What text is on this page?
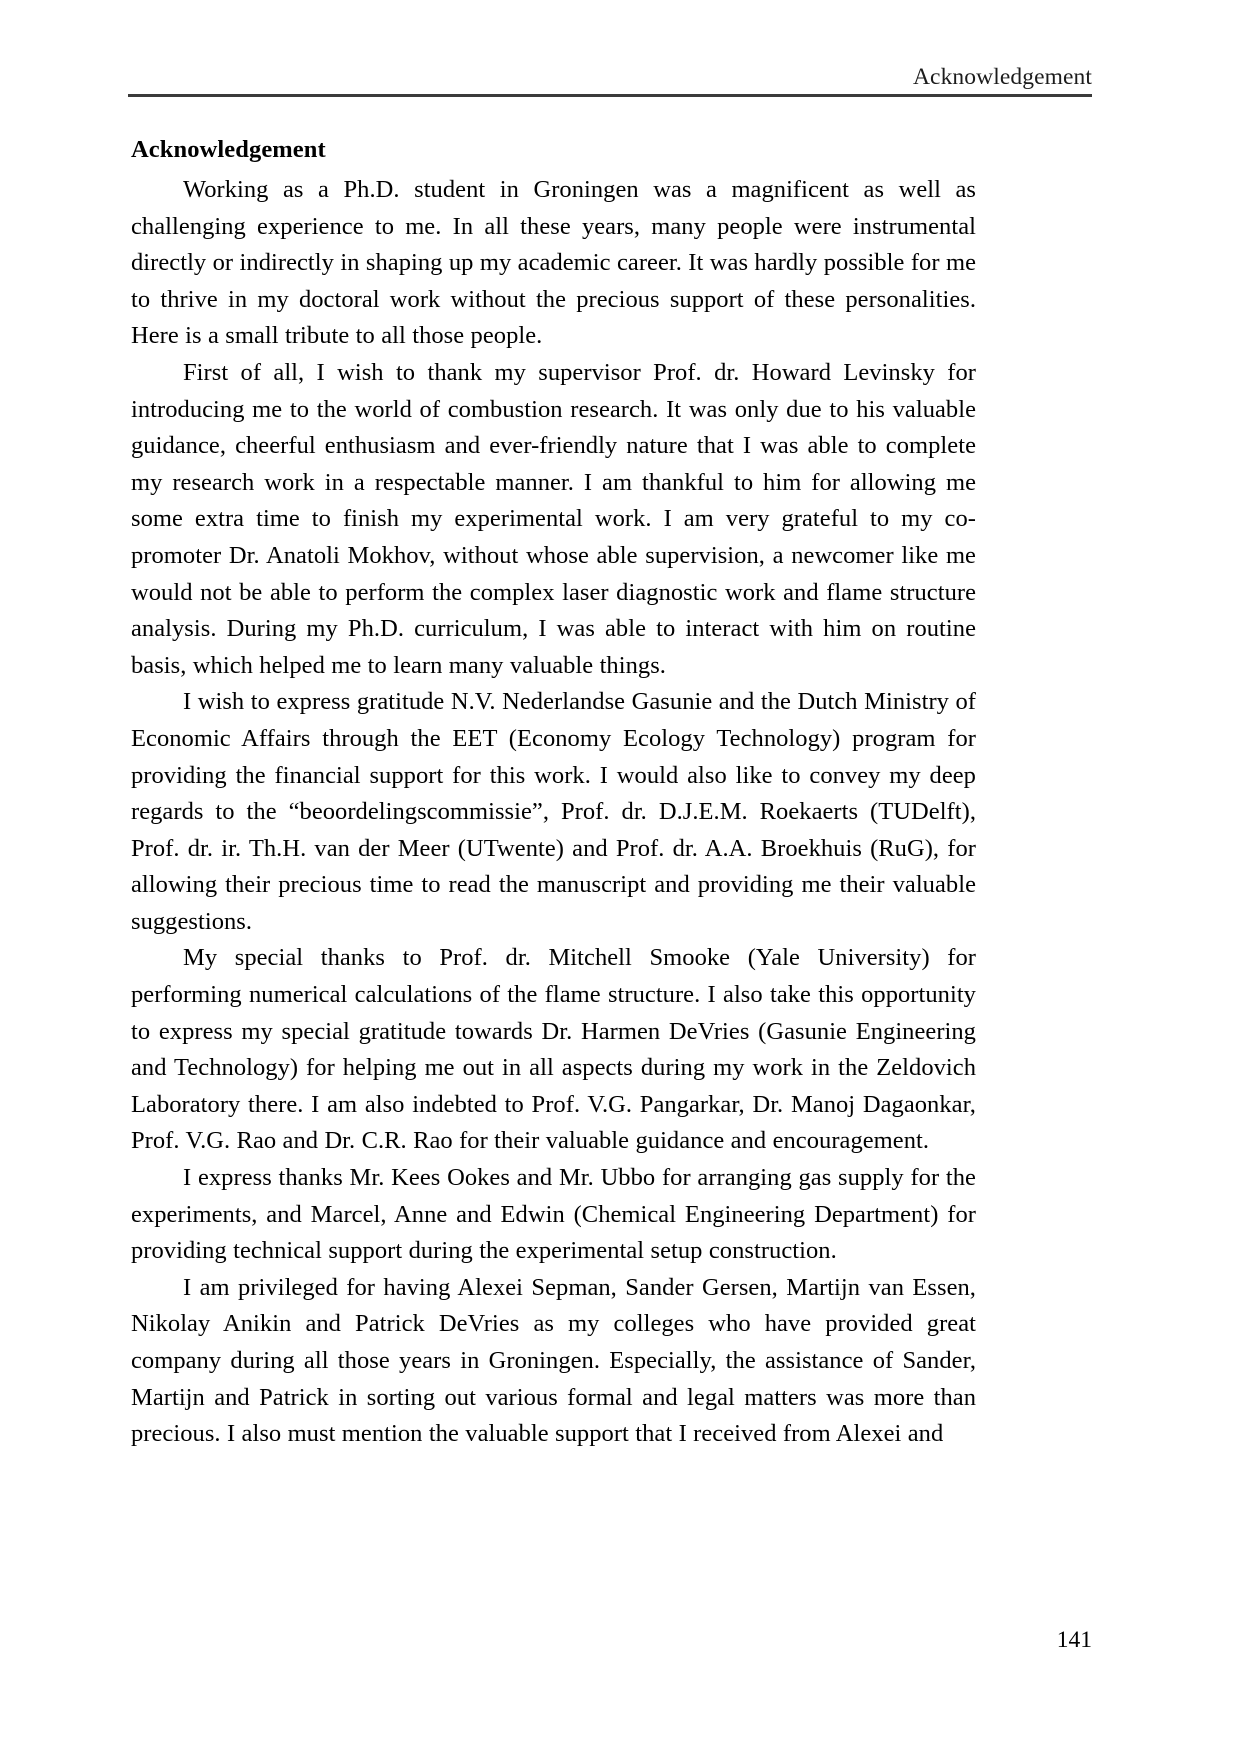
Acknowledgement
Acknowledgement

Working as a Ph.D. student in Groningen was a magnificent as well as challenging experience to me. In all these years, many people were instrumental directly or indirectly in shaping up my academic career. It was hardly possible for me to thrive in my doctoral work without the precious support of these personalities. Here is a small tribute to all those people.

First of all, I wish to thank my supervisor Prof. dr. Howard Levinsky for introducing me to the world of combustion research. It was only due to his valuable guidance, cheerful enthusiasm and ever-friendly nature that I was able to complete my research work in a respectable manner. I am thankful to him for allowing me some extra time to finish my experimental work. I am very grateful to my co-promoter Dr. Anatoli Mokhov, without whose able supervision, a newcomer like me would not be able to perform the complex laser diagnostic work and flame structure analysis. During my Ph.D. curriculum, I was able to interact with him on routine basis, which helped me to learn many valuable things.

I wish to express gratitude N.V. Nederlandse Gasunie and the Dutch Ministry of Economic Affairs through the EET (Economy Ecology Technology) program for providing the financial support for this work. I would also like to convey my deep regards to the “beoordelingscommissie”, Prof. dr. D.J.E.M. Roekaerts (TUDelft), Prof. dr. ir. Th.H. van der Meer (UTwente) and Prof. dr. A.A. Broekhuis (RuG), for allowing their precious time to read the manuscript and providing me their valuable suggestions.

My special thanks to Prof. dr. Mitchell Smooke (Yale University) for performing numerical calculations of the flame structure. I also take this opportunity to express my special gratitude towards Dr. Harmen DeVries (Gasunie Engineering and Technology) for helping me out in all aspects during my work in the Zeldovich Laboratory there. I am also indebted to Prof. V.G. Pangarkar, Dr. Manoj Dagaonkar, Prof. V.G. Rao and Dr. C.R. Rao for their valuable guidance and encouragement.

I express thanks Mr. Kees Ookes and Mr. Ubbo for arranging gas supply for the experiments, and Marcel, Anne and Edwin (Chemical Engineering Department) for providing technical support during the experimental setup construction.

I am privileged for having Alexei Sepman, Sander Gersen, Martijn van Essen, Nikolay Anikin and Patrick DeVries as my colleges who have provided great company during all those years in Groningen. Especially, the assistance of Sander, Martijn and Patrick in sorting out various formal and legal matters was more than precious. I also must mention the valuable support that I received from Alexei and

141
